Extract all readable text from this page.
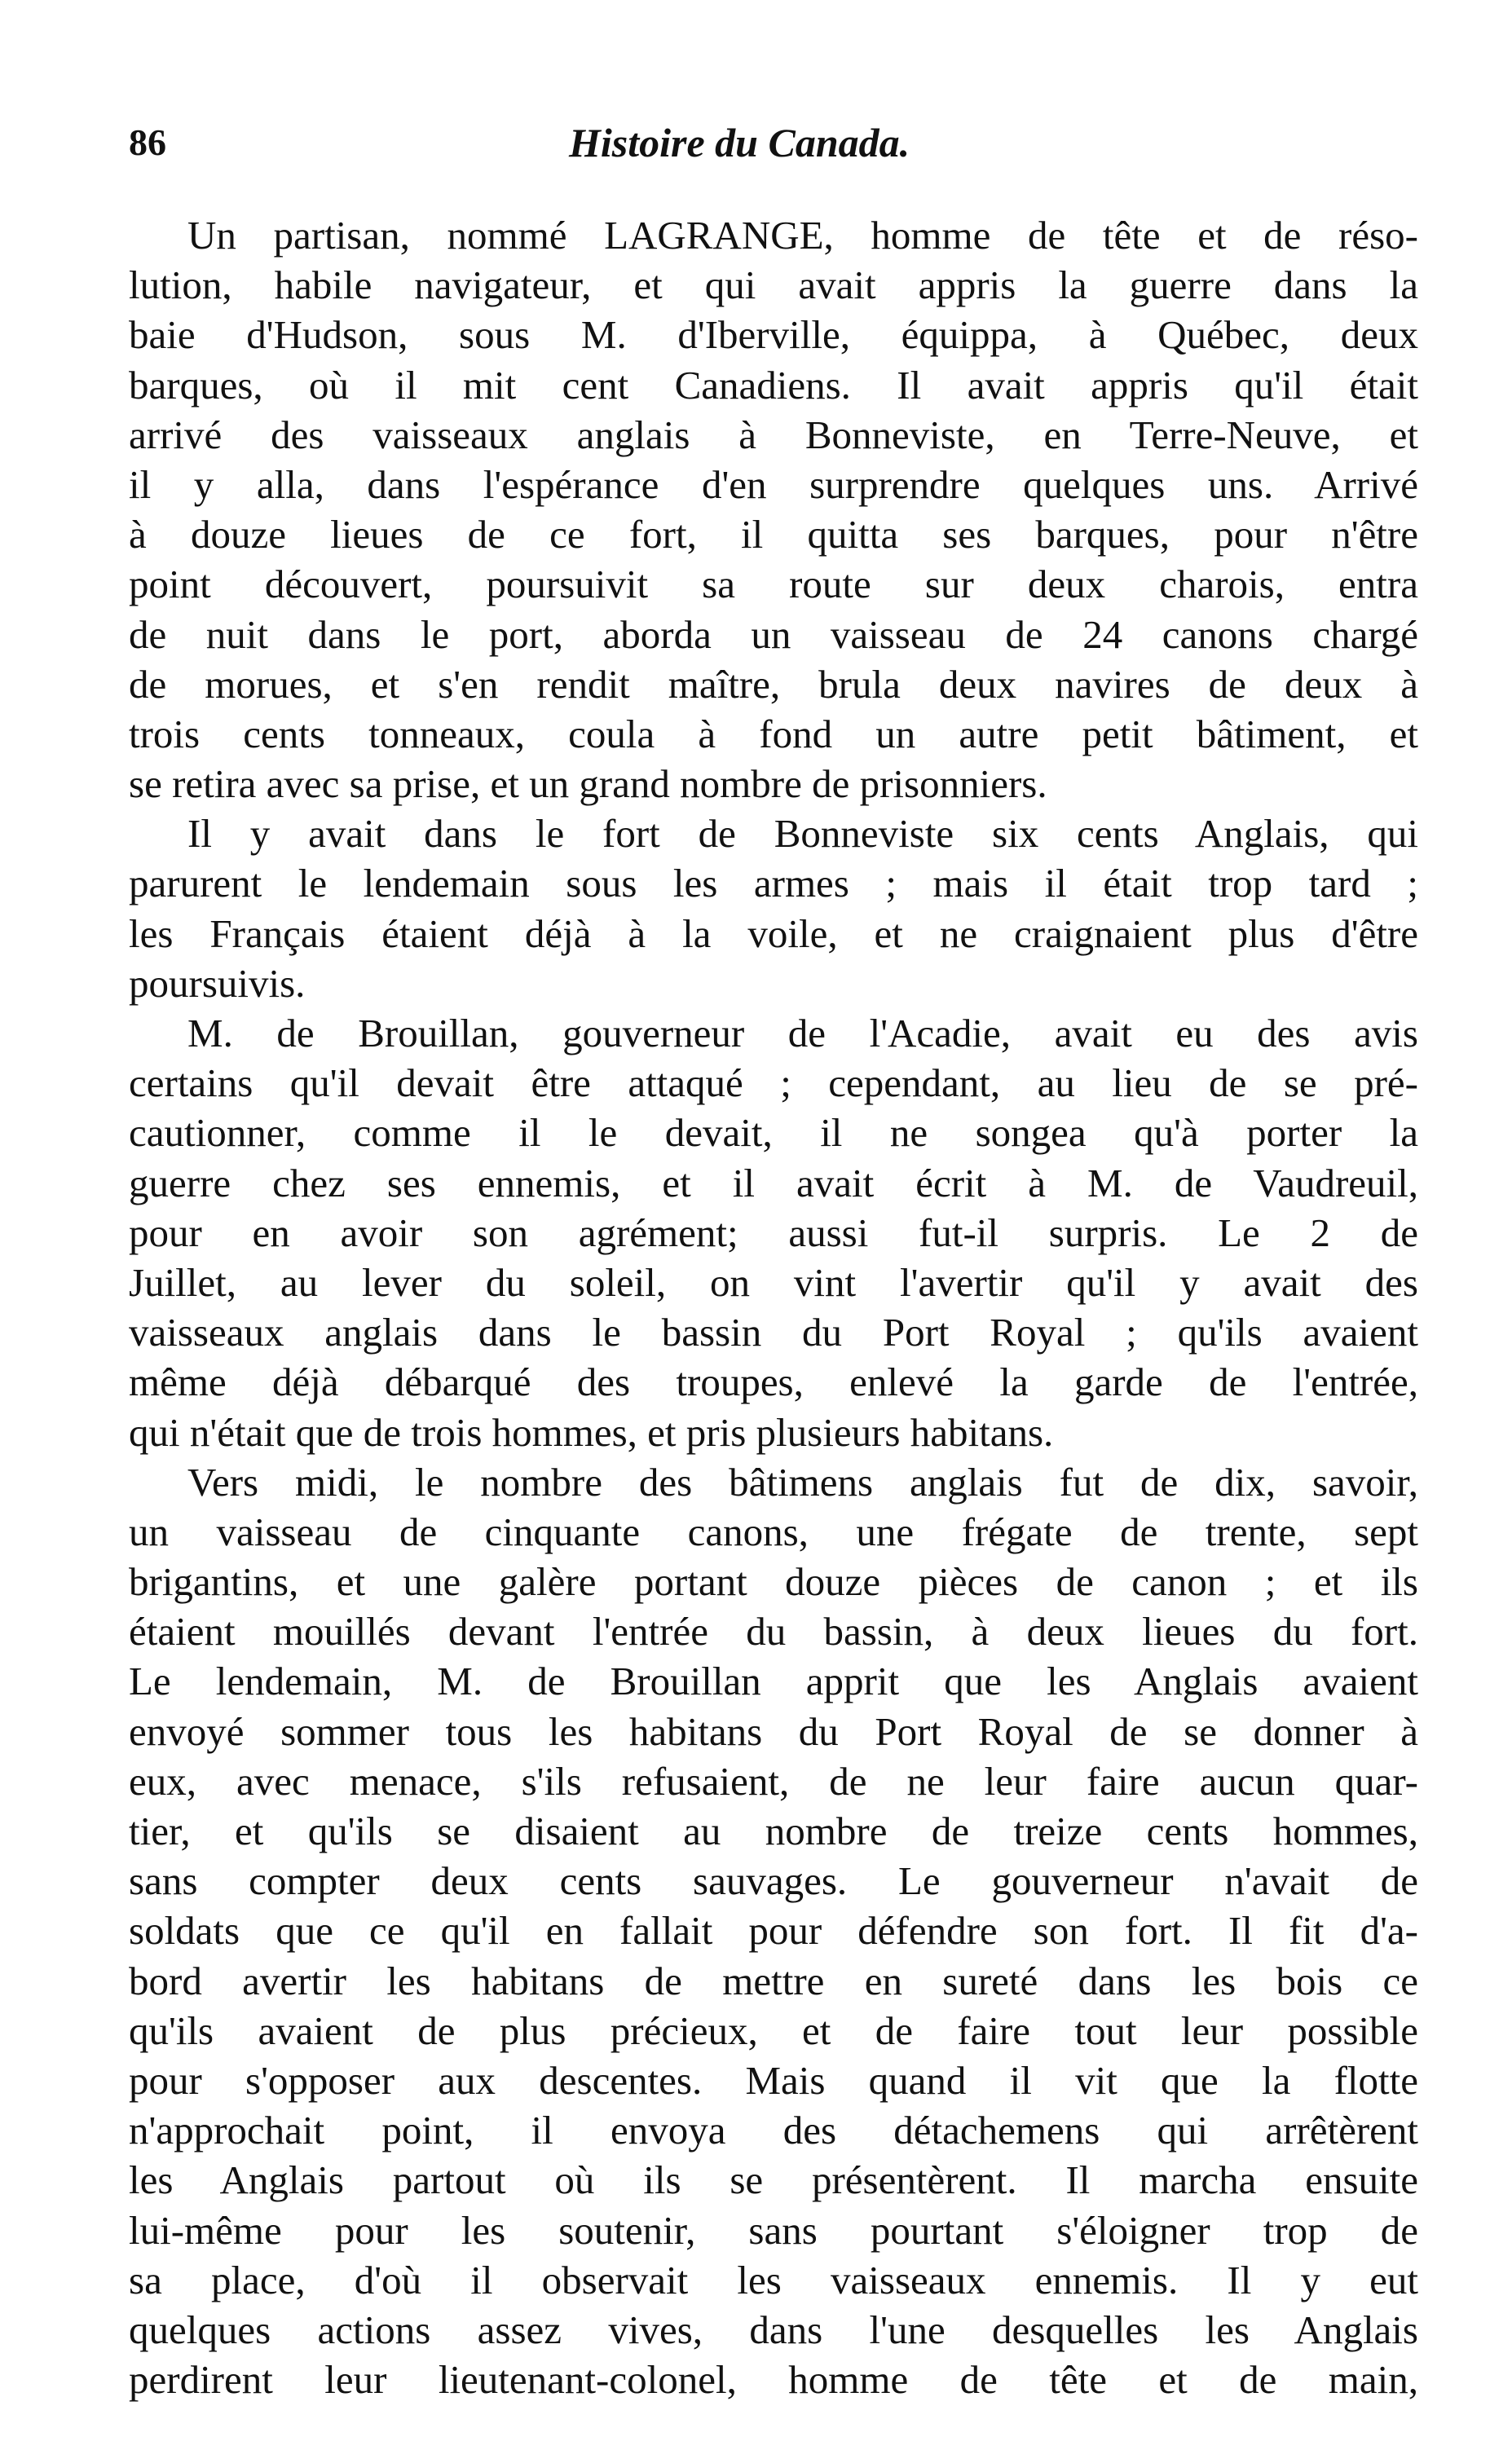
86	Histoire du Canada.
Un partisan, nommé LAGRANGE, homme de tête et de réso-
lution, habile navigateur, et qui avait appris la guerre dans la
baie d'Hudson, sous M. d'Iberville, équippa, à Québec, deux
barques, où il mit cent Canadiens. Il avait appris qu'il était
arrivé des vaisseaux anglais à Bonneviste, en Terre-Neuve, et
il y alla, dans l'espérance d'en surprendre quelques uns. Arrivé
à douze lieues de ce fort, il quitta ses barques, pour n'être
point découvert, poursuivit sa route sur deux charois, entra
de nuit dans le port, aborda un vaisseau de 24 canons chargé
de morues, et s'en rendit maître, brula deux navires de deux à
trois cents tonneaux, coula à fond un autre petit bâtiment, et
se retira avec sa prise, et un grand nombre de prisonniers.
Il y avait dans le fort de Bonneviste six cents Anglais, qui
parurent le lendemain sous les armes ; mais il était trop tard ;
les Français étaient déjà à la voile, et ne craignaient plus d'être
poursuivis.
M. de Brouillan, gouverneur de l'Acadie, avait eu des avis
certains qu'il devait être attaqué ; cependant, au lieu de se pré-
cautionner, comme il le devait, il ne songea qu'à porter la
guerre chez ses ennemis, et il avait écrit à M. de Vaudreuil,
pour en avoir son agrément; aussi fut-il surpris. Le 2 de
Juillet, au lever du soleil, on vint l'avertir qu'il y avait des
vaisseaux anglais dans le bassin du Port Royal ; qu'ils avaient
même déjà débarqué des troupes, enlevé la garde de l'entrée,
qui n'était que de trois hommes, et pris plusieurs habitans.
Vers midi, le nombre des bâtimens anglais fut de dix, savoir,
un vaisseau de cinquante canons, une frégate de trente, sept
brigantins, et une galère portant douze pièces de canon ; et ils
étaient mouillés devant l'entrée du bassin, à deux lieues du fort.
Le lendemain, M. de Brouillan apprit que les Anglais avaient
envoyé sommer tous les habitans du Port Royal de se donner à
eux, avec menace, s'ils refusaient, de ne leur faire aucun quar-
tier, et qu'ils se disaient au nombre de treize cents hommes,
sans compter deux cents sauvages. Le gouverneur n'avait de
soldats que ce qu'il en fallait pour défendre son fort. Il fit d'a-
bord avertir les habitans de mettre en sureté dans les bois ce
qu'ils avaient de plus précieux, et de faire tout leur possible
pour s'opposer aux descentes. Mais quand il vit que la flotte
n'approchait point, il envoya des détachemens qui arrêtèrent
les Anglais partout où ils se présentèrent. Il marcha ensuite
lui-même pour les soutenir, sans pourtant s'éloigner trop de
sa place, d'où il observait les vaisseaux ennemis. Il y eut
quelques actions assez vives, dans l'une desquelles les Anglais
perdirent leur lieutenant-colonel, homme de tête et de main,
